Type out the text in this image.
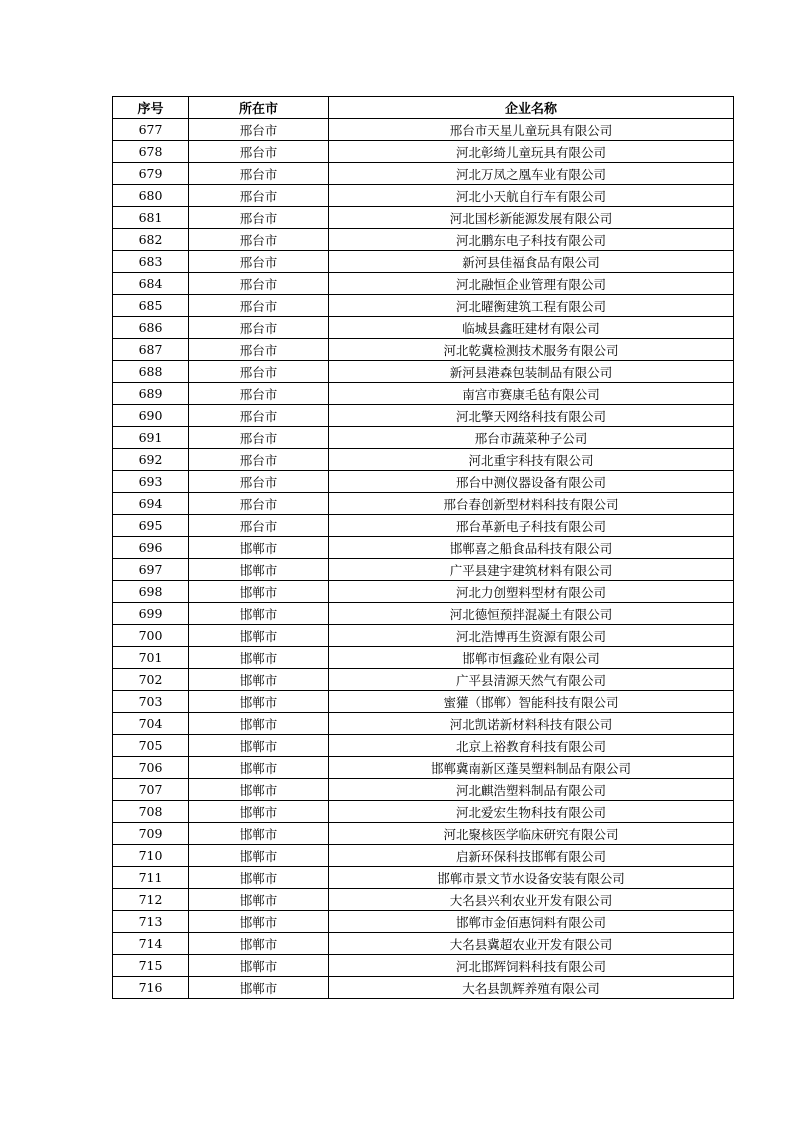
序号	所在市	企业名称
677	邢台市	邢台市天星儿童玩具有限公司
678	邢台市	河北彰绮儿童玩具有限公司
679	邢台市	河北万凤之凰车业有限公司
680	邢台市	河北小天航自行车有限公司
681	邢台市	河北国杉新能源发展有限公司
682	邢台市	河北鹏东电子科技有限公司
683	邢台市	新河县佳福食品有限公司
684	邢台市	河北融恒企业管理有限公司
685	邢台市	河北曜衡建筑工程有限公司
686	邢台市	临城县鑫旺建材有限公司
687	邢台市	河北乾冀检测技术服务有限公司
688	邢台市	新河县港森包装制品有限公司
689	邢台市	南宫市赛康毛毡有限公司
690	邢台市	河北擎天网络科技有限公司
691	邢台市	邢台市蔬菜种子公司
692	邢台市	河北重宇科技有限公司
693	邢台市	邢台中测仪器设备有限公司
694	邢台市	邢台春创新型材料科技有限公司
695	邢台市	邢台革新电子科技有限公司
696	邯郸市	邯郸喜之船食品科技有限公司
697	邯郸市	广平县建宇建筑材料有限公司
698	邯郸市	河北力创塑料型材有限公司
699	邯郸市	河北德恒预拌混凝土有限公司
700	邯郸市	河北浩博再生资源有限公司
701	邯郸市	邯郸市恒鑫砼业有限公司
702	邯郸市	广平县清源天然气有限公司
703	邯郸市	蜜獾（邯郸）智能科技有限公司
704	邯郸市	河北凯诺新材料科技有限公司
705	邯郸市	北京上裕教育科技有限公司
706	邯郸市	邯郸冀南新区蓬昊塑料制品有限公司
707	邯郸市	河北麒浩塑料制品有限公司
708	邯郸市	河北爱宏生物科技有限公司
709	邯郸市	河北聚核医学临床研究有限公司
710	邯郸市	启新环保科技邯郸有限公司
711	邯郸市	邯郸市景文节水设备安装有限公司
712	邯郸市	大名县兴利农业开发有限公司
713	邯郸市	邯郸市金佰惠饲料有限公司
714	邯郸市	大名县冀超农业开发有限公司
715	邯郸市	河北邯辉饲料科技有限公司
716	邯郸市	大名县凯辉养殖有限公司
